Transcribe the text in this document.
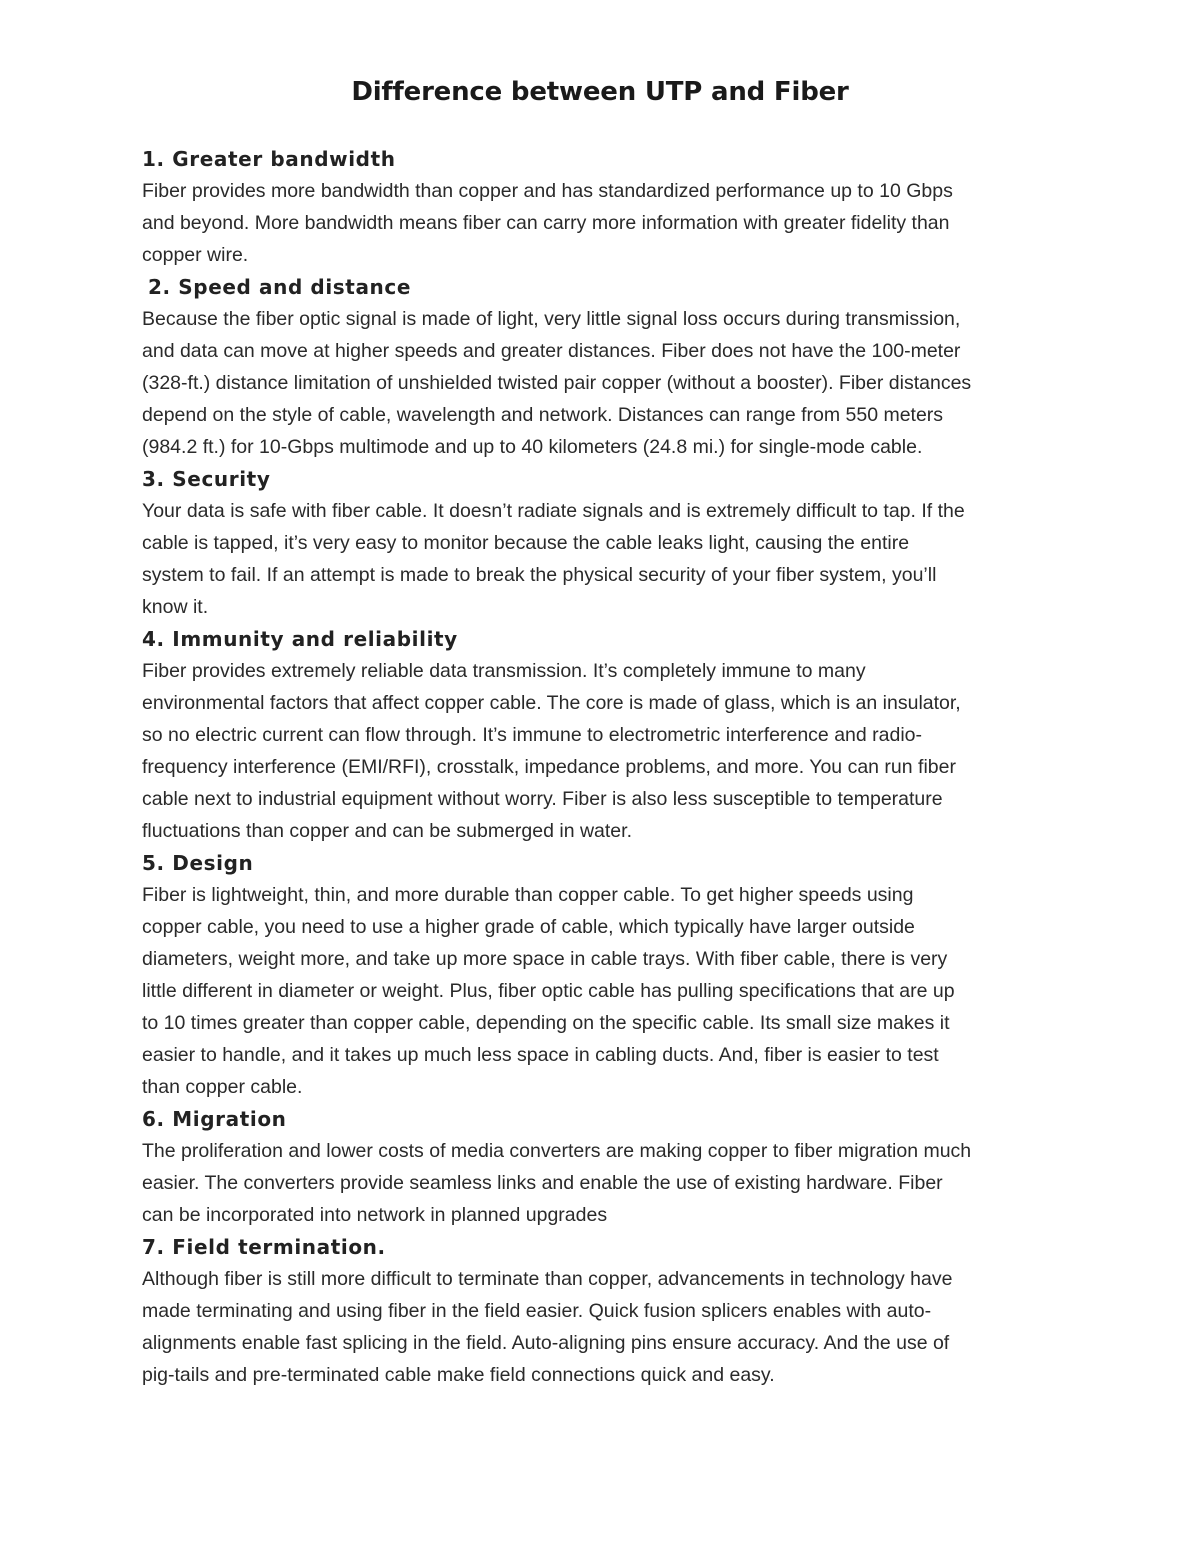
Difference between UTP and Fiber
1. Greater bandwidth
Fiber provides more bandwidth than copper and has standardized performance up to 10 Gbps
and beyond. More bandwidth means fiber can carry more information with greater fidelity than
copper wire.
2. Speed and distance
Because the fiber optic signal is made of light, very little signal loss occurs during transmission,
and data can move at higher speeds and greater distances. Fiber does not have the 100-meter
(328-ft.) distance limitation of unshielded twisted pair copper (without a booster). Fiber distances
depend on the style of cable, wavelength and network. Distances can range from 550 meters
(984.2 ft.) for 10-Gbps multimode and up to 40 kilometers (24.8 mi.) for single-mode cable.
3. Security
Your data is safe with fiber cable. It doesn’t radiate signals and is extremely difficult to tap. If the
cable is tapped, it’s very easy to monitor because the cable leaks light, causing the entire
system to fail. If an attempt is made to break the physical security of your fiber system, you’ll
know it.
4. Immunity and reliability
Fiber provides extremely reliable data transmission. It’s completely immune to many
environmental factors that affect copper cable. The core is made of glass, which is an insulator,
so no electric current can flow through. It’s immune to electrometric interference and radio-
frequency interference (EMI/RFI), crosstalk, impedance problems, and more. You can run fiber
cable next to industrial equipment without worry. Fiber is also less susceptible to temperature
fluctuations than copper and can be submerged in water.
5. Design
Fiber is lightweight, thin, and more durable than copper cable. To get higher speeds using
copper cable, you need to use a higher grade of cable, which typically have larger outside
diameters, weight more, and take up more space in cable trays. With fiber cable, there is very
little different in diameter or weight. Plus, fiber optic cable has pulling specifications that are up
to 10 times greater than copper cable, depending on the specific cable. Its small size makes it
easier to handle, and it takes up much less space in cabling ducts. And, fiber is easier to test
than copper cable.
6. Migration
The proliferation and lower costs of media converters are making copper to fiber migration much
easier. The converters provide seamless links and enable the use of existing hardware. Fiber
can be incorporated into network in planned upgrades
7. Field termination.
Although fiber is still more difficult to terminate than copper, advancements in technology have
made terminating and using fiber in the field easier. Quick fusion splicers enables with auto-
alignments enable fast splicing in the field. Auto-aligning pins ensure accuracy. And the use of
pig-tails and pre-terminated cable make field connections quick and easy.
